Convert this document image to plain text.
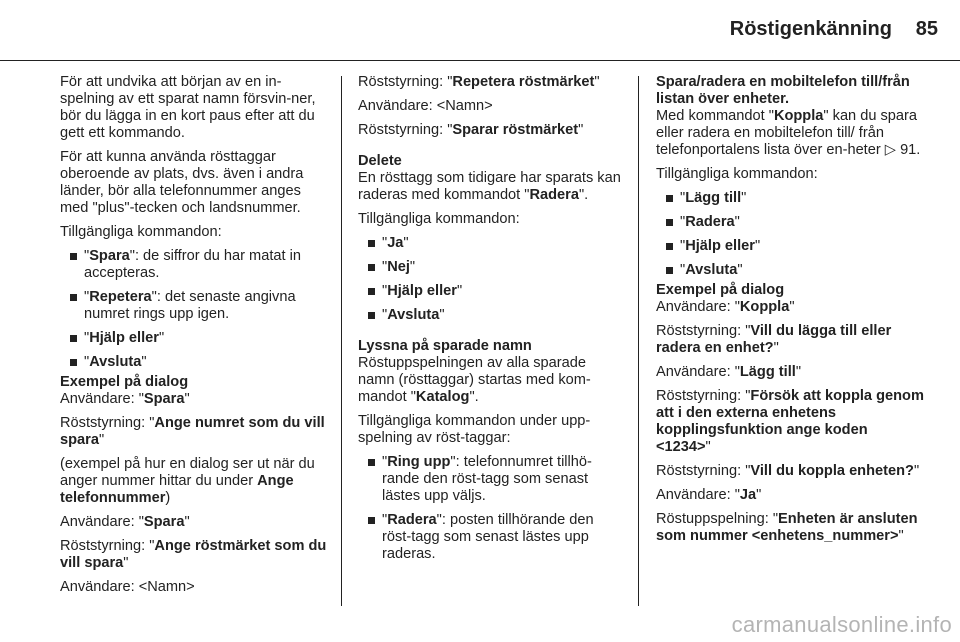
Röstigenkänning 85
För att undvika att början av en in-spelning av ett sparat namn försvin-ner, bör du lägga in en kort paus efter att du gett ett kommando.
För att kunna använda rösttaggar oberoende av plats, dvs. även i andra länder, bör alla telefonnummer anges med "plus"-tecken och landsnummer.
Tillgängliga kommandon:
"Spara": de siffror du har matat in accepteras.
"Repetera": det senaste angivna numret rings upp igen.
"Hjälp eller"
"Avsluta"
Exempel på dialog
Användare: "Spara"
Röststyrning: "Ange numret som du vill spara"
(exempel på hur en dialog ser ut när du anger nummer hittar du under Ange telefonnummer)
Användare: "Spara"
Röststyrning: "Ange röstmärket som du vill spara"
Användare: <Namn>
Röststyrning: "Repetera röstmärket"
Användare: <Namn>
Röststyrning: "Sparar röstmärket"
Delete
En rösttagg som tidigare har sparats kan raderas med kommandot "Radera".
Tillgängliga kommandon:
"Ja"
"Nej"
"Hjälp eller"
"Avsluta"
Lyssna på sparade namn
Röstuppspelningen av alla sparade namn (rösttaggar) startas med kom-mandot "Katalog".
Tillgängliga kommandon under upp-spelning av röst-taggar:
"Ring upp": telefonnumret tillhö-rande den röst-tagg som senast lästes upp väljs.
"Radera": posten tillhörande den röst-tagg som senast lästes upp raderas.
Spara/radera en mobiltelefon till/från listan över enheter.
Med kommandot "Koppla" kan du spara eller radera en mobiltelefon till/ från telefonportalens lista över en-heter ▷ 91.
Tillgängliga kommandon:
"Lägg till"
"Radera"
"Hjälp eller"
"Avsluta"
Exempel på dialog
Användare: "Koppla"
Röststyrning: "Vill du lägga till eller radera en enhet?"
Användare: "Lägg till"
Röststyrning: "Försök att koppla genom att i den externa enhetens kopplingsfunktion ange koden <1234>"
Röststyrning: "Vill du koppla enheten?"
Användare: "Ja"
Röstuppspelning: "Enheten är ansluten som nummer <enhetens_nummer>"
carmanualsonline.info
